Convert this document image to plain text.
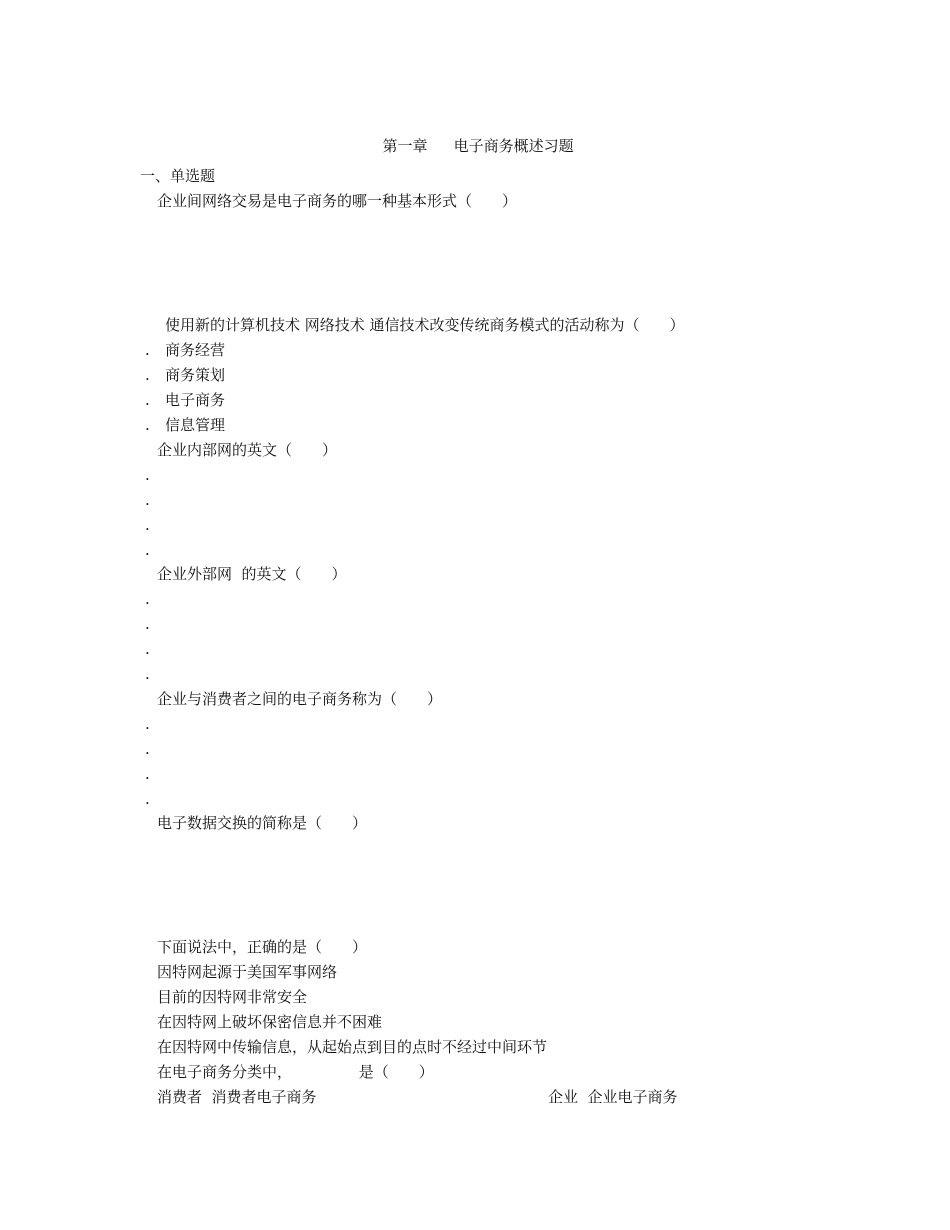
第一章 电子商务概述习题

一、单选题
企业间网络交易是电子商务的哪一种基本形式（　　）
使用新的计算机技术 网络技术 通信技术改变传统商务模式的活动称为（　　）
. 商务经营
. 商务策划
. 电子商务
. 信息管理
企业内部网的英文（　　）
.
.
.
.
企业外部网  的英文（　　）
.
.
.
.
企业与消费者之间的电子商务称为（　　）
.
.
.
.
电子数据交换的简称是（　　）
下面说法中，正确的是（　　）
因特网起源于美国军事网络
目前的因特网非常安全
在因特网上破坏保密信息并不困难
在因特网中传输信息，从起始点到目的点时不经过中间环节
在电子商务分类中，              是（　　）
消费者  消费者电子商务	企业  企业电子商务
